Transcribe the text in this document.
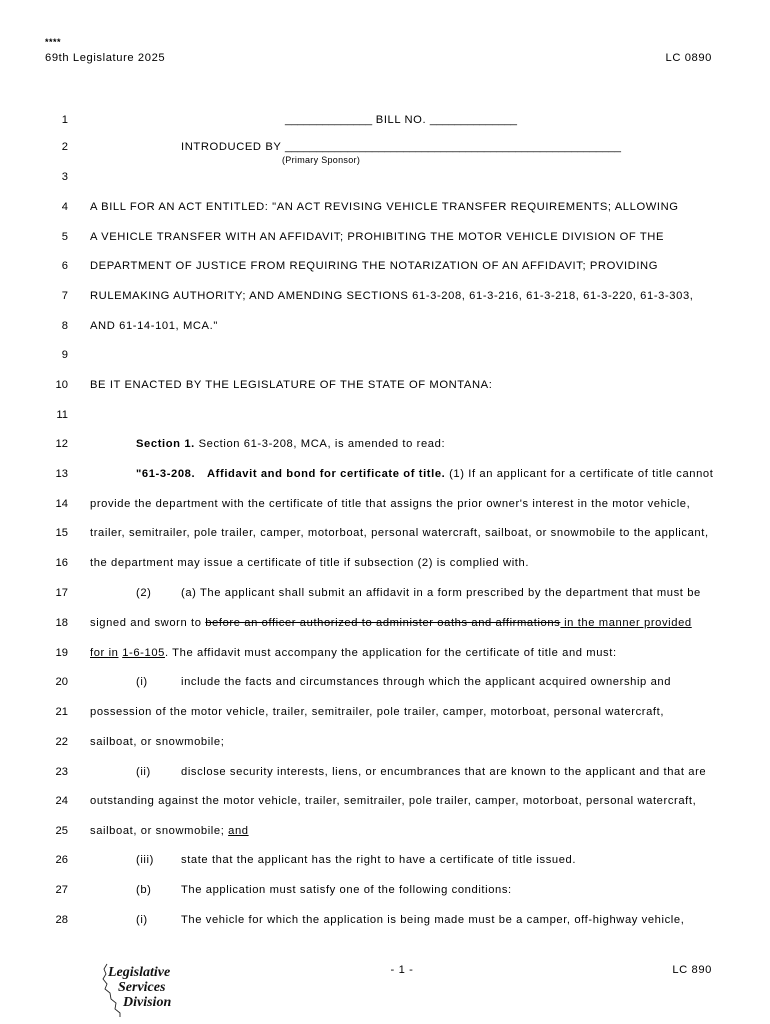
****
69th Legislature 2025	LC 0890
1	______________ BILL NO. ______________
2	INTRODUCED BY ______________________________________________________
(Primary Sponsor)
3
4 A BILL FOR AN ACT ENTITLED: "AN ACT REVISING VEHICLE TRANSFER REQUIREMENTS; ALLOWING
5 A VEHICLE TRANSFER WITH AN AFFIDAVIT; PROHIBITING THE MOTOR VEHICLE DIVISION OF THE
6 DEPARTMENT OF JUSTICE FROM REQUIRING THE NOTARIZATION OF AN AFFIDAVIT; PROVIDING
7 RULEMAKING AUTHORITY; AND AMENDING SECTIONS 61-3-208, 61-3-216, 61-3-218, 61-3-220, 61-3-303,
8 AND 61-14-101, MCA."
9
10 BE IT ENACTED BY THE LEGISLATURE OF THE STATE OF MONTANA:
11
12	Section 1. Section 61-3-208, MCA, is amended to read:
13	"61-3-208. Affidavit and bond for certificate of title. (1) If an applicant for a certificate of title cannot
14 provide the department with the certificate of title that assigns the prior owner's interest in the motor vehicle,
15 trailer, semitrailer, pole trailer, camper, motorboat, personal watercraft, sailboat, or snowmobile to the applicant,
16 the department may issue a certificate of title if subsection (2) is complied with.
17	(2)	(a) The applicant shall submit an affidavit in a form prescribed by the department that must be
18 signed and sworn to before an officer authorized to administer oaths and affirmations in the manner provided
19 for in 1-6-105. The affidavit must accompany the application for the certificate of title and must:
20	(i)	include the facts and circumstances through which the applicant acquired ownership and
21 possession of the motor vehicle, trailer, semitrailer, pole trailer, camper, motorboat, personal watercraft,
22 sailboat, or snowmobile;
23	(ii)	disclose security interests, liens, or encumbrances that are known to the applicant and that are
24 outstanding against the motor vehicle, trailer, semitrailer, pole trailer, camper, motorboat, personal watercraft,
25 sailboat, or snowmobile; and
26	(iii) state that the applicant has the right to have a certificate of title issued.
27	(b)	The application must satisfy one of the following conditions:
28	(i)	The vehicle for which the application is being made must be a camper, off-highway vehicle,
Legislative
Services
Division
- 1 -	LC 890
